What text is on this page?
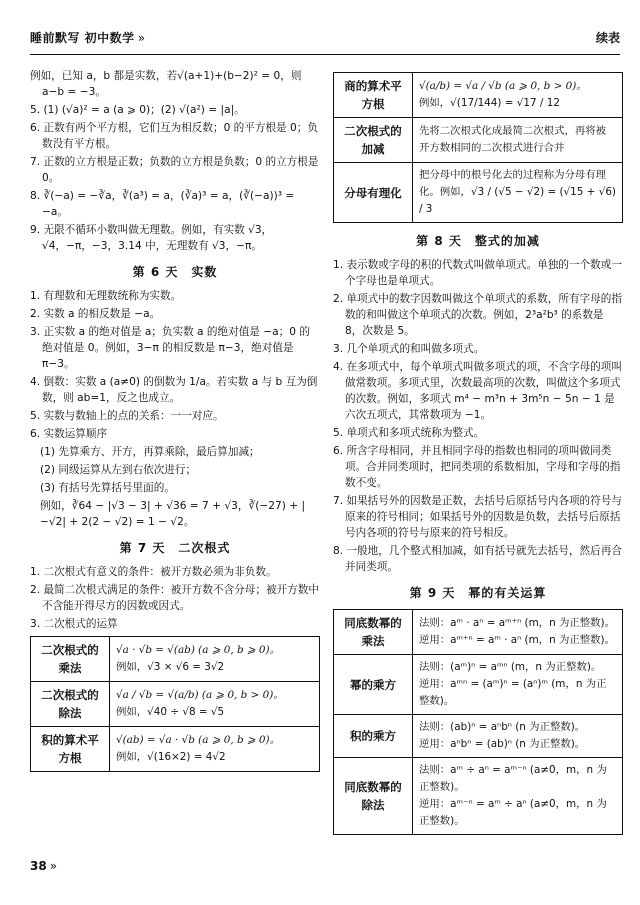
睡前默写 初中数学 »	续表

例如，已知 a，b 都是实数，若√(a+1)+(b−2)² = 0，则 a−b = −3。

5. (1) (√a)² = a (a ⩾ 0)；(2) √(a²) = |a|。

6. 正数有两个平方根，它们互为相反数；0 的平方根是 0；负数没有平方根。

7. 正数的立方根是正数；负数的立方根是负数；0 的立方根是 0。

8. ∛(−a) = −∛a，∛(a³) = a，(∛a)³ = a，(∛(−a))³ = −a。

9. 无限不循环小数叫做无理数。例如，有实数 √3，√4，−π，−3，3.14 中，无理数有 √3，−π。

第 6 天　实数

1. 有理数和无理数统称为实数。

2. 实数 a 的相反数是 −a。

3. 正实数 a 的绝对值是 a；负实数 a 的绝对值是 −a；0 的绝对值是 0。例如，3−π 的相反数是 π−3，绝对值是 π−3。

4. 倒数：实数 a (a≠0) 的倒数为 1/a。若实数 a 与 b 互为倒数，则 ab=1，反之也成立。

5. 实数与数轴上的点的关系：一一对应。

6. 实数运算顺序

(1) 先算乘方、开方，再算乘除，最后算加减；

(2) 同级运算从左到右依次进行；

(3) 有括号先算括号里面的。

例如，∛64 − |√3 − 3| + √36 = 7 + √3，∛(−27) + |−√2| + 2(2 − √2) = 1 − √2。

第 7 天　二次根式

1. 二次根式有意义的条件：被开方数必须为非负数。

2. 最简二次根式满足的条件：被开方数不含分母；被开方数中不含能开得尽方的因数或因式。

3. 二次根式的运算

二次根式的乘法	√a · √b = √(ab) (a ⩾ 0, b ⩾ 0)。
例如，√3 × √6 = 3√2

二次根式的除法	√a / √b = √(a/b) (a ⩾ 0, b > 0)。
例如，√40 ÷ √8 = √5

积的算术平方根	√(ab) = √a · √b (a ⩾ 0, b ⩾ 0)。
例如，√(16×2) = 4√2
商的算术平方根	√(a/b) = √a / √b (a ⩾ 0, b > 0)。
例如，√(17/144) = √17 / 12

二次根式的加减	先将二次根式化成最简二次根式，再将被开方数相同的二次根式进行合并
分母有理化	把分母中的根号化去的过程称为分母有理化。例如，√3 / (√5 − √2) = (√15 + √6) / 3
第 8 天　整式的加减

1. 表示数或字母的积的代数式叫做单项式。单独的一个数或一个字母也是单项式。

2. 单项式中的数字因数叫做这个单项式的系数，所有字母的指数的和叫做这个单项式的次数。例如，2³a²b³ 的系数是 8，次数是 5。

3. 几个单项式的和叫做多项式。

4. 在多项式中，每个单项式叫做多项式的项，不含字母的项叫做常数项。多项式里，次数最高项的次数，叫做这个多项式的次数。例如，多项式 m⁴ − m³n + 3m⁵n − 5n − 1 是六次五项式，其常数项为 −1。

5. 单项式和多项式统称为整式。

6. 所含字母相同，并且相同字母的指数也相同的项叫做同类项。合并同类项时，把同类项的系数相加，字母和字母的指数不变。

7. 如果括号外的因数是正数，去括号后原括号内各项的符号与原来的符号相同；如果括号外的因数是负数，去括号后原括号内各项的符号与原来的符号相反。

8. 一般地，几个整式相加减，如有括号就先去括号，然后再合并同类项。

第 9 天　幂的有关运算
同底数幂的乘法	法则：aᵐ · aⁿ = aᵐ⁺ⁿ (m，n 为正整数)。
逆用：aᵐ⁺ⁿ = aᵐ · aⁿ (m，n 为正整数)。

幂的乘方	法则：(aᵐ)ⁿ = aᵐⁿ (m，n 为正整数)。
逆用：aᵐⁿ = (aᵐ)ⁿ = (aⁿ)ᵐ (m，n 为正整数)。

积的乘方	法则：(ab)ⁿ = aⁿbⁿ (n 为正整数)。
逆用：aⁿbⁿ = (ab)ⁿ (n 为正整数)。

同底数幂的除法	法则：aᵐ ÷ aⁿ = aᵐ⁻ⁿ (a≠0，m，n 为正整数)。
逆用：aᵐ⁻ⁿ = aᵐ ÷ aⁿ (a≠0，m，n 为正整数)。
38 »
